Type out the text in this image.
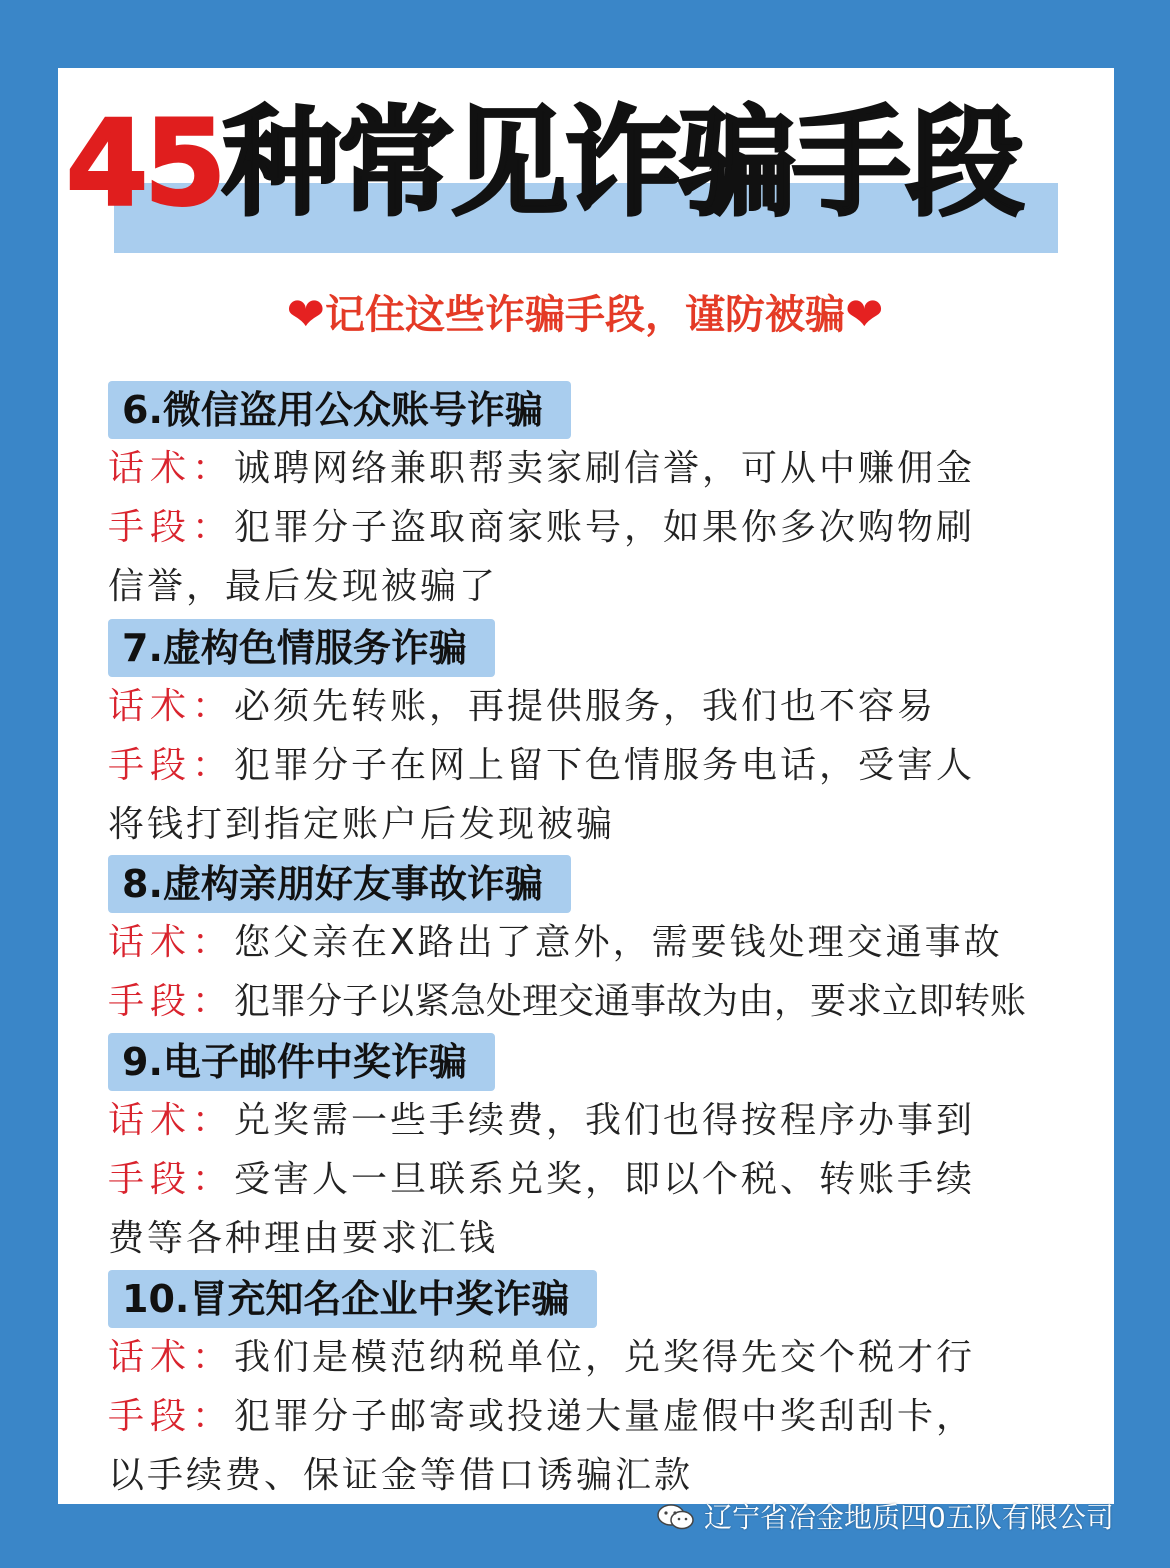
45种常见诈骗手段
❤记住这些诈骗手段，谨防被骗❤
6.微信盗用公众账号诈骗
话术：诚聘网络兼职帮卖家刷信誉，可从中赚佣金
手段：犯罪分子盗取商家账号，如果你多次购物刷
信誉，最后发现被骗了
7.虚构色情服务诈骗
话术：必须先转账，再提供服务，我们也不容易
手段：犯罪分子在网上留下色情服务电话，受害人
将钱打到指定账户后发现被骗
8.虚构亲朋好友事故诈骗
话术：您父亲在X路出了意外，需要钱处理交通事故
手段：犯罪分子以紧急处理交通事故为由，要求立即转账
9.电子邮件中奖诈骗
话术：兑奖需一些手续费，我们也得按程序办事到
手段：受害人一旦联系兑奖，即以个税、转账手续
费等各种理由要求汇钱
10.冒充知名企业中奖诈骗
话术：我们是模范纳税单位，兑奖得先交个税才行
手段：犯罪分子邮寄或投递大量虚假中奖刮刮卡，
以手续费、保证金等借口诱骗汇款
辽宁省冶金地质四0五队有限公司
